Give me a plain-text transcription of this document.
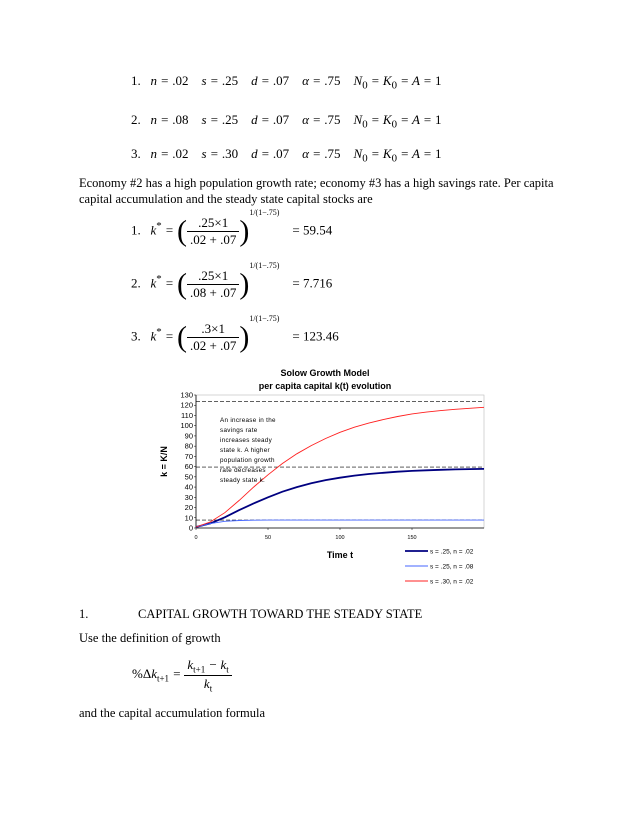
1.   n = .02    s = .25    d = .07    α = .75    $N_0 = K_0 = A = 1$
2.   n = .08    s = .25    d = .07    α = .75    $N_0 = K_0 = A = 1$
3.   n = .02    s = .30    d = .07    α = .75    $N_0 = K_0 = A = 1$
Economy #2 has a high population growth rate; economy #3 has a high savings rate. Per capita capital accumulation and the steady state capital stocks are
1.   k* = ( $\frac{.25\times 1}{.02 + .07} )^{1/(1-.75)}$    = 59.54
2.   k* = ( $\frac{.25\times 1}{.08 + .07} )^{1/(1-.75)}$    = 7.716
3.   k* = ( $\frac{.3\times 1}{.02 + .07} )^{1/(1-.75)}$    = 123.46
Solow Growth Model
per capita capital k(t) evolution
0
10
20
30
40
50
60
70
80
90
100
110
120
130
0	50	100	150
k = K/N
Time t
An increase in the
savings rate
increases steady
state k. A higher
population growth
rate decreases
steady state k.
s = .25, n = .02
s = .25, n = .08
s = .30, n = .02
1.	CAPITAL GROWTH TOWARD THE STEADY STATE
Use the definition of growth
$\%\Delta k_{t+1} = \frac{k_{t+1} - k_t}{k_t}$
and the capital accumulation formula
